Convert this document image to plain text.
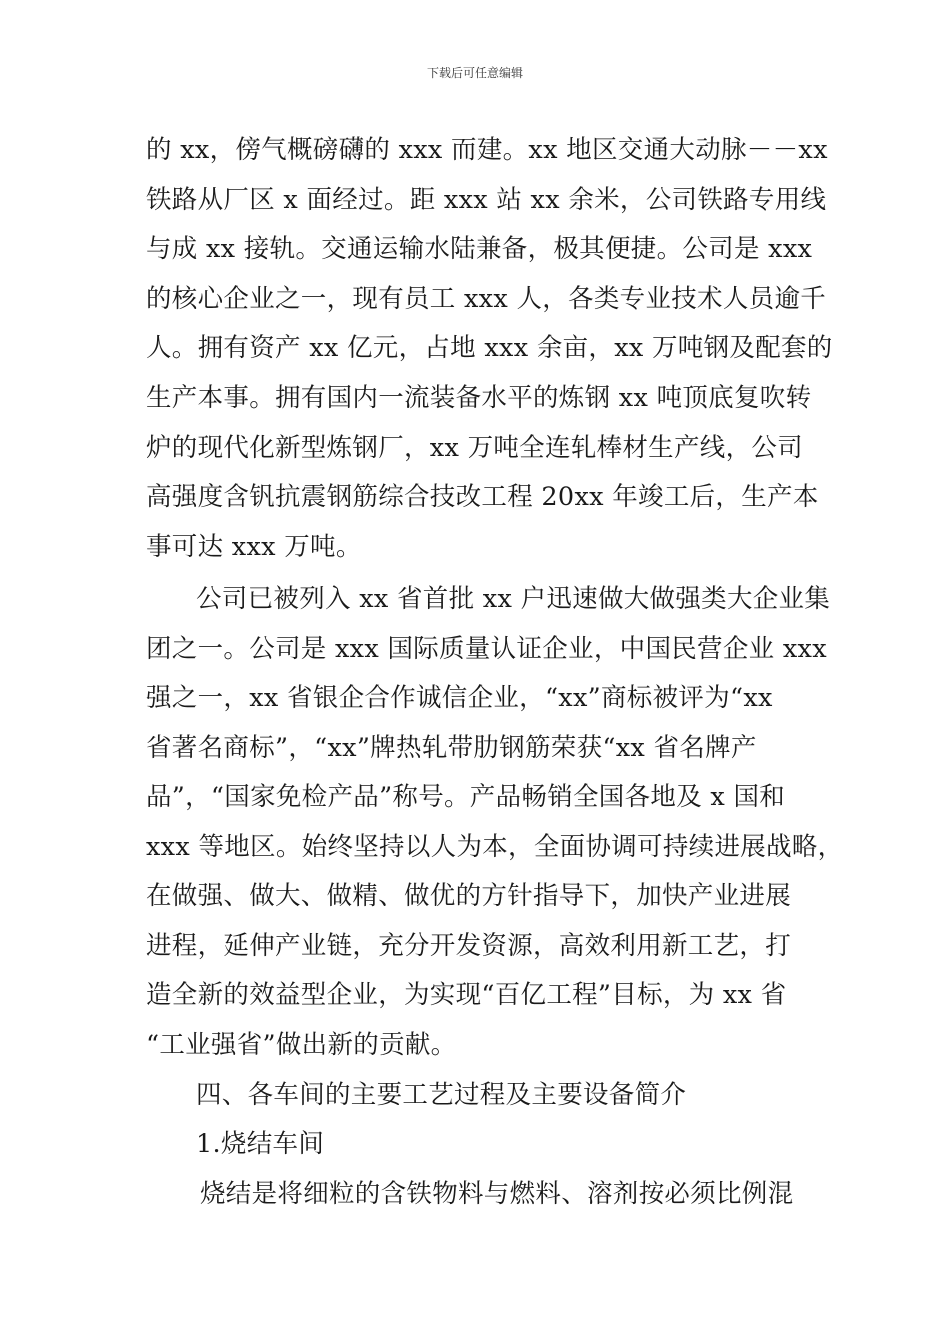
下载后可任意编辑
的 xx，傍气概磅礴的 xxx 而建。xx 地区交通大动脉－－xx
铁路从厂区 x 面经过。距 xxx 站 xx 余米，公司铁路专用线
与成 xx 接轨。交通运输水陆兼备，极其便捷。公司是 xxx
的核心企业之一，现有员工 xxx 人，各类专业技术人员逾千
人。拥有资产 xx 亿元，占地 xxx 余亩，xx 万吨钢及配套的
生产本事。拥有国内一流装备水平的炼钢 xx 吨顶底复吹转
炉的现代化新型炼钢厂，xx 万吨全连轧棒材生产线，公司
高强度含钒抗震钢筋综合技改工程 20xx 年竣工后，生产本
事可达 xxx 万吨。
公司已被列入 xx 省首批 xx 户迅速做大做强类大企业集
团之一。公司是 xxx 国际质量认证企业，中国民营企业 xxx
强之一，xx 省银企合作诚信企业，“xx”商标被评为“xx
省著名商标”，“xx”牌热轧带肋钢筋荣获“xx 省名牌产
品”，“国家免检产品”称号。产品畅销全国各地及 x 国和
xxx 等地区。始终坚持以人为本，全面协调可持续进展战略，
在做强、做大、做精、做优的方针指导下，加快产业进展
进程，延伸产业链，充分开发资源，高效利用新工艺，打
造全新的效益型企业，为实现“百亿工程”目标，为 xx 省
“工业强省”做出新的贡献。
四、各车间的主要工艺过程及主要设备简介
1.烧结车间
烧结是将细粒的含铁物料与燃料、溶剂按必须比例混
